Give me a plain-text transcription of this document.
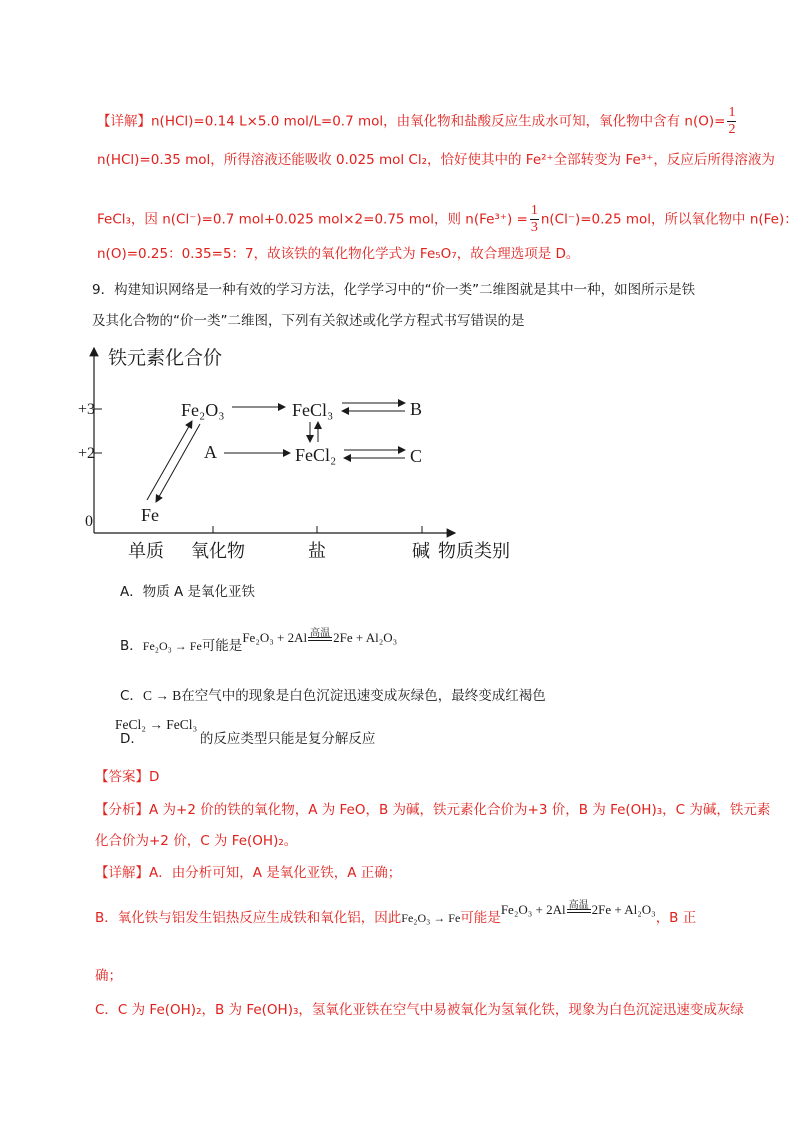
【详解】n(HCl)=0.14 L×5.0 mol/L=0.7 mol，由氧化物和盐酸反应生成水可知，氧化物中含有 $n(O)= \frac{1}{2}$
n(HCl)=0.35 mol，所得溶液还能吸收 0.025 mol Cl₂，恰好使其中的 Fe²⁺全部转变为 Fe³⁺，反应后所得溶液为
FeCl₃，因 n(Cl⁻)=0.7 mol+0.025 mol×2=0.75 mol，则 $n(Fe^{3+}) = \frac{1}{3} n(Cl^-)=0.25$ mol，所以氧化物中 n(Fe)：
n(O)=0.25：0.35=5：7，故该铁的氧化物化学式为 Fe₅O₇，故合理选项是 D。
9．构建知识网络是一种有效的学习方法，化学学习中的“价一类”二维图就是其中一种，如图所示是铁
及其化合物的“价一类”二维图，下列有关叙述或化学方程式书写错误的是
铁元素化合价
+3
+2
0
单质 氧化物	盐	碱 物质类别
Fe₂O₃	FeCl₃	B
A	FeCl₂	C
Fe
A．物质 A 是氧化亚铁
B．Fe₂O₃ → Fe可能是Fe₂O₃ + 2Al 高温 2Fe + Al₂O₃
C．C → B在空气中的现象是白色沉淀迅速变成灰绿色，最终变成红褐色
FeCl₂ → FeCl₃
D．	的反应类型只能是复分解反应
【答案】D
【分析】A 为+2 价的铁的氧化物，A 为 FeO，B 为碱，铁元素化合价为+3 价，B 为 Fe(OH)₃，C 为碱，铁元素
化合价为+2 价，C 为 Fe(OH)₂。
【详解】A．由分析可知，A 是氧化亚铁，A 正确；
B．氧化铁与铝发生铝热反应生成铁和氧化铝，因此Fe₂O₃ → Fe可能是Fe₂O₃ + 2Al 高温 2Fe + Al₂O₃，B 正
确；
C．C 为 Fe(OH)₂，B 为 Fe(OH)₃，氢氧化亚铁在空气中易被氧化为氢氧化铁，现象为白色沉淀迅速变成灰绿
